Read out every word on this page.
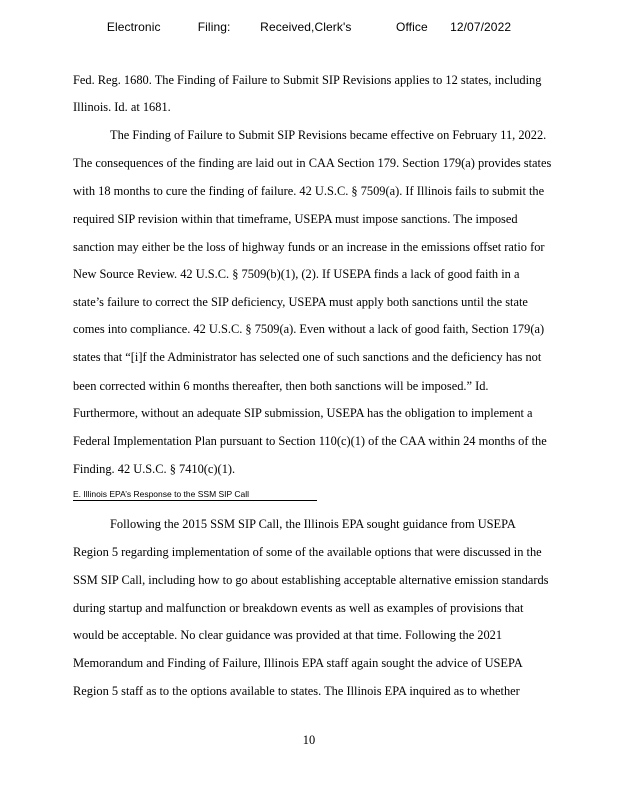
Electronic     Filing:    Received,Clerk's      Office   12/07/2022
Fed. Reg. 1680. The Finding of Failure to Submit SIP Revisions applies to 12 states, including
Illinois. Id. at 1681.
The Finding of Failure to Submit SIP Revisions became effective on February 11, 2022.
The consequences of the finding are laid out in CAA Section 179. Section 179(a) provides states
with 18 months to cure the finding of failure. 42 U.S.C. § 7509(a). If Illinois fails to submit the
required SIP revision within that timeframe, USEPA must impose sanctions. The imposed
sanction may either be the loss of highway funds or an increase in the emissions offset ratio for
New Source Review. 42 U.S.C. § 7509(b)(1), (2). If USEPA finds a lack of good faith in a
state’s failure to correct the SIP deficiency, USEPA must apply both sanctions until the state
comes into compliance. 42 U.S.C. § 7509(a). Even without a lack of good faith, Section 179(a)
states that “[i]f the Administrator has selected one of such sanctions and the deficiency has not
been corrected within 6 months thereafter, then both sanctions will be imposed.” Id.
Furthermore, without an adequate SIP submission, USEPA has the obligation to implement a
Federal Implementation Plan pursuant to Section 110(c)(1) of the CAA within 24 months of the
Finding. 42 U.S.C. § 7410(c)(1).
E. Illinois EPA’s Response to the SSM SIP Call
Following the 2015 SSM SIP Call, the Illinois EPA sought guidance from USEPA
Region 5 regarding implementation of some of the available options that were discussed in the
SSM SIP Call, including how to go about establishing acceptable alternative emission standards
during startup and malfunction or breakdown events as well as examples of provisions that
would be acceptable. No clear guidance was provided at that time. Following the 2021
Memorandum and Finding of Failure, Illinois EPA staff again sought the advice of USEPA
Region 5 staff as to the options available to states. The Illinois EPA inquired as to whether
10
